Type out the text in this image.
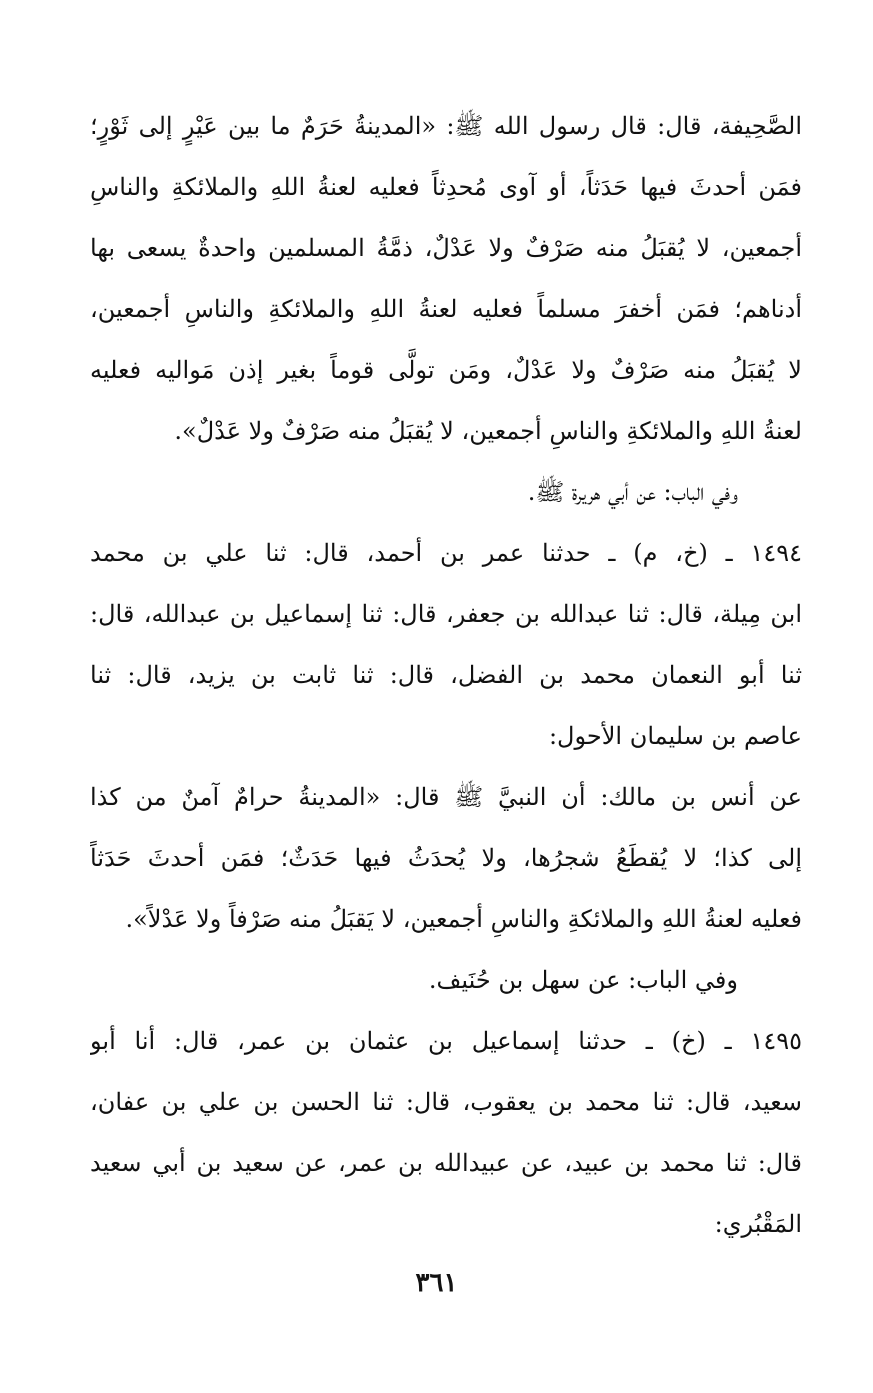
الصَّحِيفة، قال: قال رسول الله ﷺ: «المدينةُ حَرَمٌ ما بين عَيْرٍ إلى ثَوْرٍ؛
فمَن أحدثَ فيها حَدَثاً، أو آوى مُحدِثاً فعليه لعنةُ اللهِ والملائكةِ والناسِ
أجمعين، لا يُقبَلُ منه صَرْفٌ ولا عَدْلٌ، ذمَّةُ المسلمين واحدةٌ يسعى بها
أدناهم؛ فمَن أخفرَ مسلماً فعليه لعنةُ اللهِ والملائكةِ والناسِ أجمعين،
لا يُقبَلُ منه صَرْفٌ ولا عَدْلٌ، ومَن تولَّى قوماً بغير إذن مَواليه فعليه
لعنةُ اللهِ والملائكةِ والناسِ أجمعين، لا يُقبَلُ منه صَرْفٌ ولا عَدْلٌ».
وفي الباب: عن أبي هريرة ﷺ.
١٤٩٤ ـ (خ، م) ـ حدثنا عمر بن أحمد، قال: ثنا علي بن محمد
ابن مِيلة، قال: ثنا عبدالله بن جعفر، قال: ثنا إسماعيل بن عبدالله، قال:
ثنا أبو النعمان محمد بن الفضل، قال: ثنا ثابت بن يزيد، قال: ثنا
عاصم بن سليمان الأحول:
عن أنس بن مالك: أن النبيَّ ﷺ قال: «المدينةُ حرامٌ آمنٌ من كذا
إلى كذا؛ لا يُقطَعُ شجرُها، ولا يُحدَثُ فيها حَدَثٌ؛ فمَن أحدثَ حَدَثاً
فعليه لعنةُ اللهِ والملائكةِ والناسِ أجمعين، لا يَقبَلُ منه صَرْفاً ولا عَدْلاً».
وفي الباب: عن سهل بن حُنَيف.
١٤٩٥ ـ (خ) ـ حدثنا إسماعيل بن عثمان بن عمر، قال: أنا أبو
سعيد، قال: ثنا محمد بن يعقوب، قال: ثنا الحسن بن علي بن عفان،
قال: ثنا محمد بن عبيد، عن عبيدالله بن عمر، عن سعيد بن أبي سعيد
المَقْبُري:
٣٦١
